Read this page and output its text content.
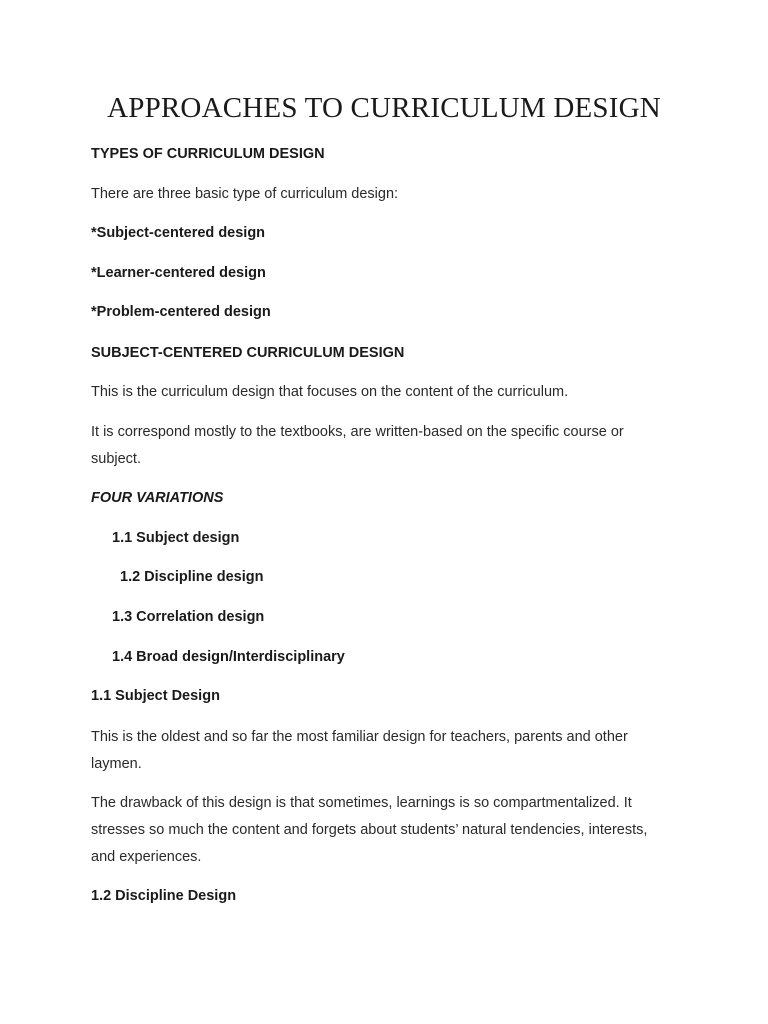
APPROACHES TO CURRICULUM DESIGN

TYPES OF CURRICULUM DESIGN

There are three basic type of curriculum design:

*Subject-centered design

*Learner-centered design

*Problem-centered design

SUBJECT-CENTERED CURRICULUM DESIGN

This is the curriculum design that focuses on the content of the curriculum.

It is correspond mostly to the textbooks, are written-based on the specific course or

subject.

FOUR VARIATIONS

1.1 Subject design

1.2 Discipline design

1.3 Correlation design

1.4 Broad design/Interdisciplinary

1.1 Subject Design

This is the oldest and so far the most familiar design for teachers, parents and other

laymen.

The drawback of this design is that sometimes, learnings is so compartmentalized. It

stresses so much the content and forgets about students’ natural tendencies, interests,

and experiences.

1.2 Discipline Design
